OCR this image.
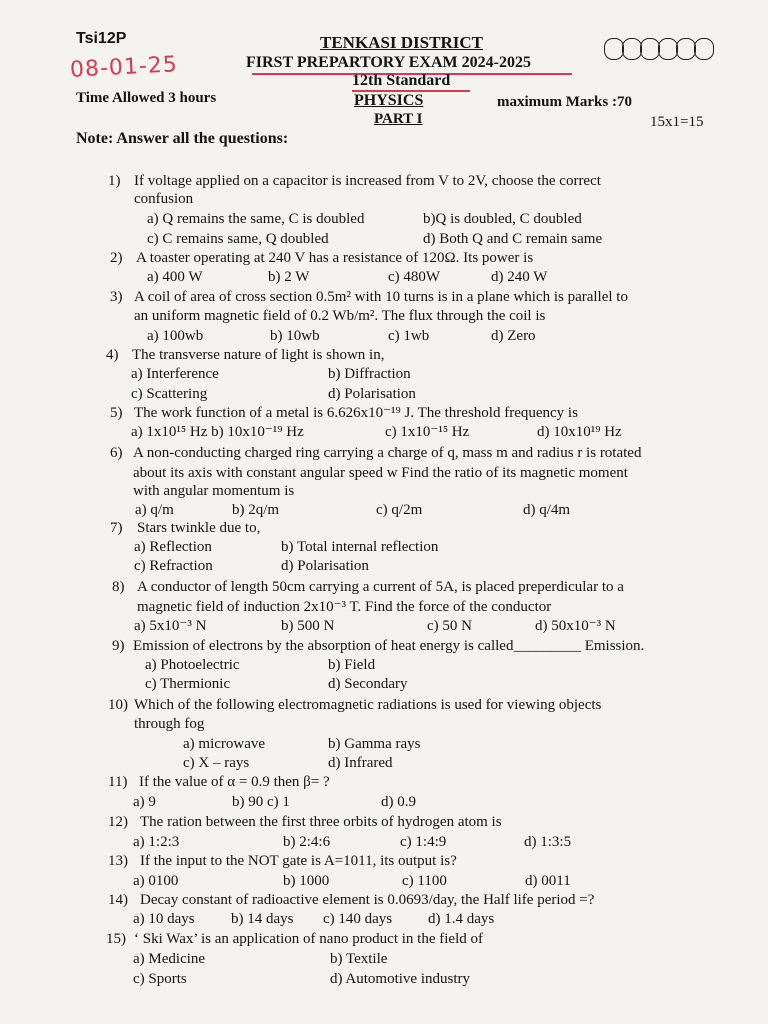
Tsi12P
08-01-25
TENKASI DISTRICT
FIRST PREPARTORY EXAM 2024-2025
12th Standard
PHYSICS
PART I
Time Allowed 3 hours	maximum Marks :70
15x1=15
Note: Answer all the questions:
1) If voltage applied on a capacitor is increased from V to 2V, choose the correct
confusion
a) Q remains the same, C is doubled	b)Q is doubled, C doubled
c) C remains same, Q doubled	d) Both Q and C remain same
2) A toaster operating at 240 V has a resistance of 120Ω. Its power is
a) 400 W	b) 2 W	c) 480W	d) 240 W
3) A coil of area of cross section 0.5m² with 10 turns is in a plane which is parallel to
an uniform magnetic field of 0.2 Wb/m². The flux through the coil is
a) 100wb	b) 10wb	c) 1wb	d) Zero
4) The transverse nature of light is shown in,
a) Interference	b) Diffraction
c) Scattering	d) Polarisation
5) The work function of a metal is 6.626x10⁻¹⁹ J. The threshold frequency is
a) 1x10¹⁵ Hz b) 10x10⁻¹⁹ Hz	c) 1x10⁻¹⁵ Hz	d) 10x10¹⁹ Hz
6) A non-conducting charged ring carrying a charge of q, mass m and radius r is rotated
about its axis with constant angular speed w Find the ratio of its magnetic moment
with angular momentum is
a) q/m	b) 2q/m	c) q/2m	d) q/4m
7) Stars twinkle due to,
a) Reflection	b) Total internal reflection
c) Refraction	d) Polarisation
8) A conductor of length 50cm carrying a current of 5A, is placed preperdicular to a
magnetic field of induction 2x10⁻³ T. Find the force of the conductor
a) 5x10⁻³ N	b) 500 N	c) 50 N	d) 50x10⁻³ N
9) Emission of electrons by the absorption of heat energy is called_________ Emission.
a) Photoelectric	b) Field
c) Thermionic	d) Secondary
10) Which of the following electromagnetic radiations is used for viewing objects
through fog
a) microwave	b) Gamma rays
c) X – rays	d) Infrared
11) If the value of α = 0.9 then β= ?
a) 9	b) 90 c) 1	d) 0.9
12) The ration between the first three orbits of hydrogen atom is
a) 1:2:3	b) 2:4:6	c) 1:4:9	d) 1:3:5
13) If the input to the NOT gate is A=1011, its output is?
a) 0100	b) 1000	c) 1100	d) 0011
14) Decay constant of radioactive element is 0.0693/day, the Half life period =?
a) 10 days b) 14 days c) 140 days d) 1.4 days
15) ‘ Ski Wax’ is an application of nano product in the field of
a) Medicine	b) Textile
c) Sports	d) Automotive industry
